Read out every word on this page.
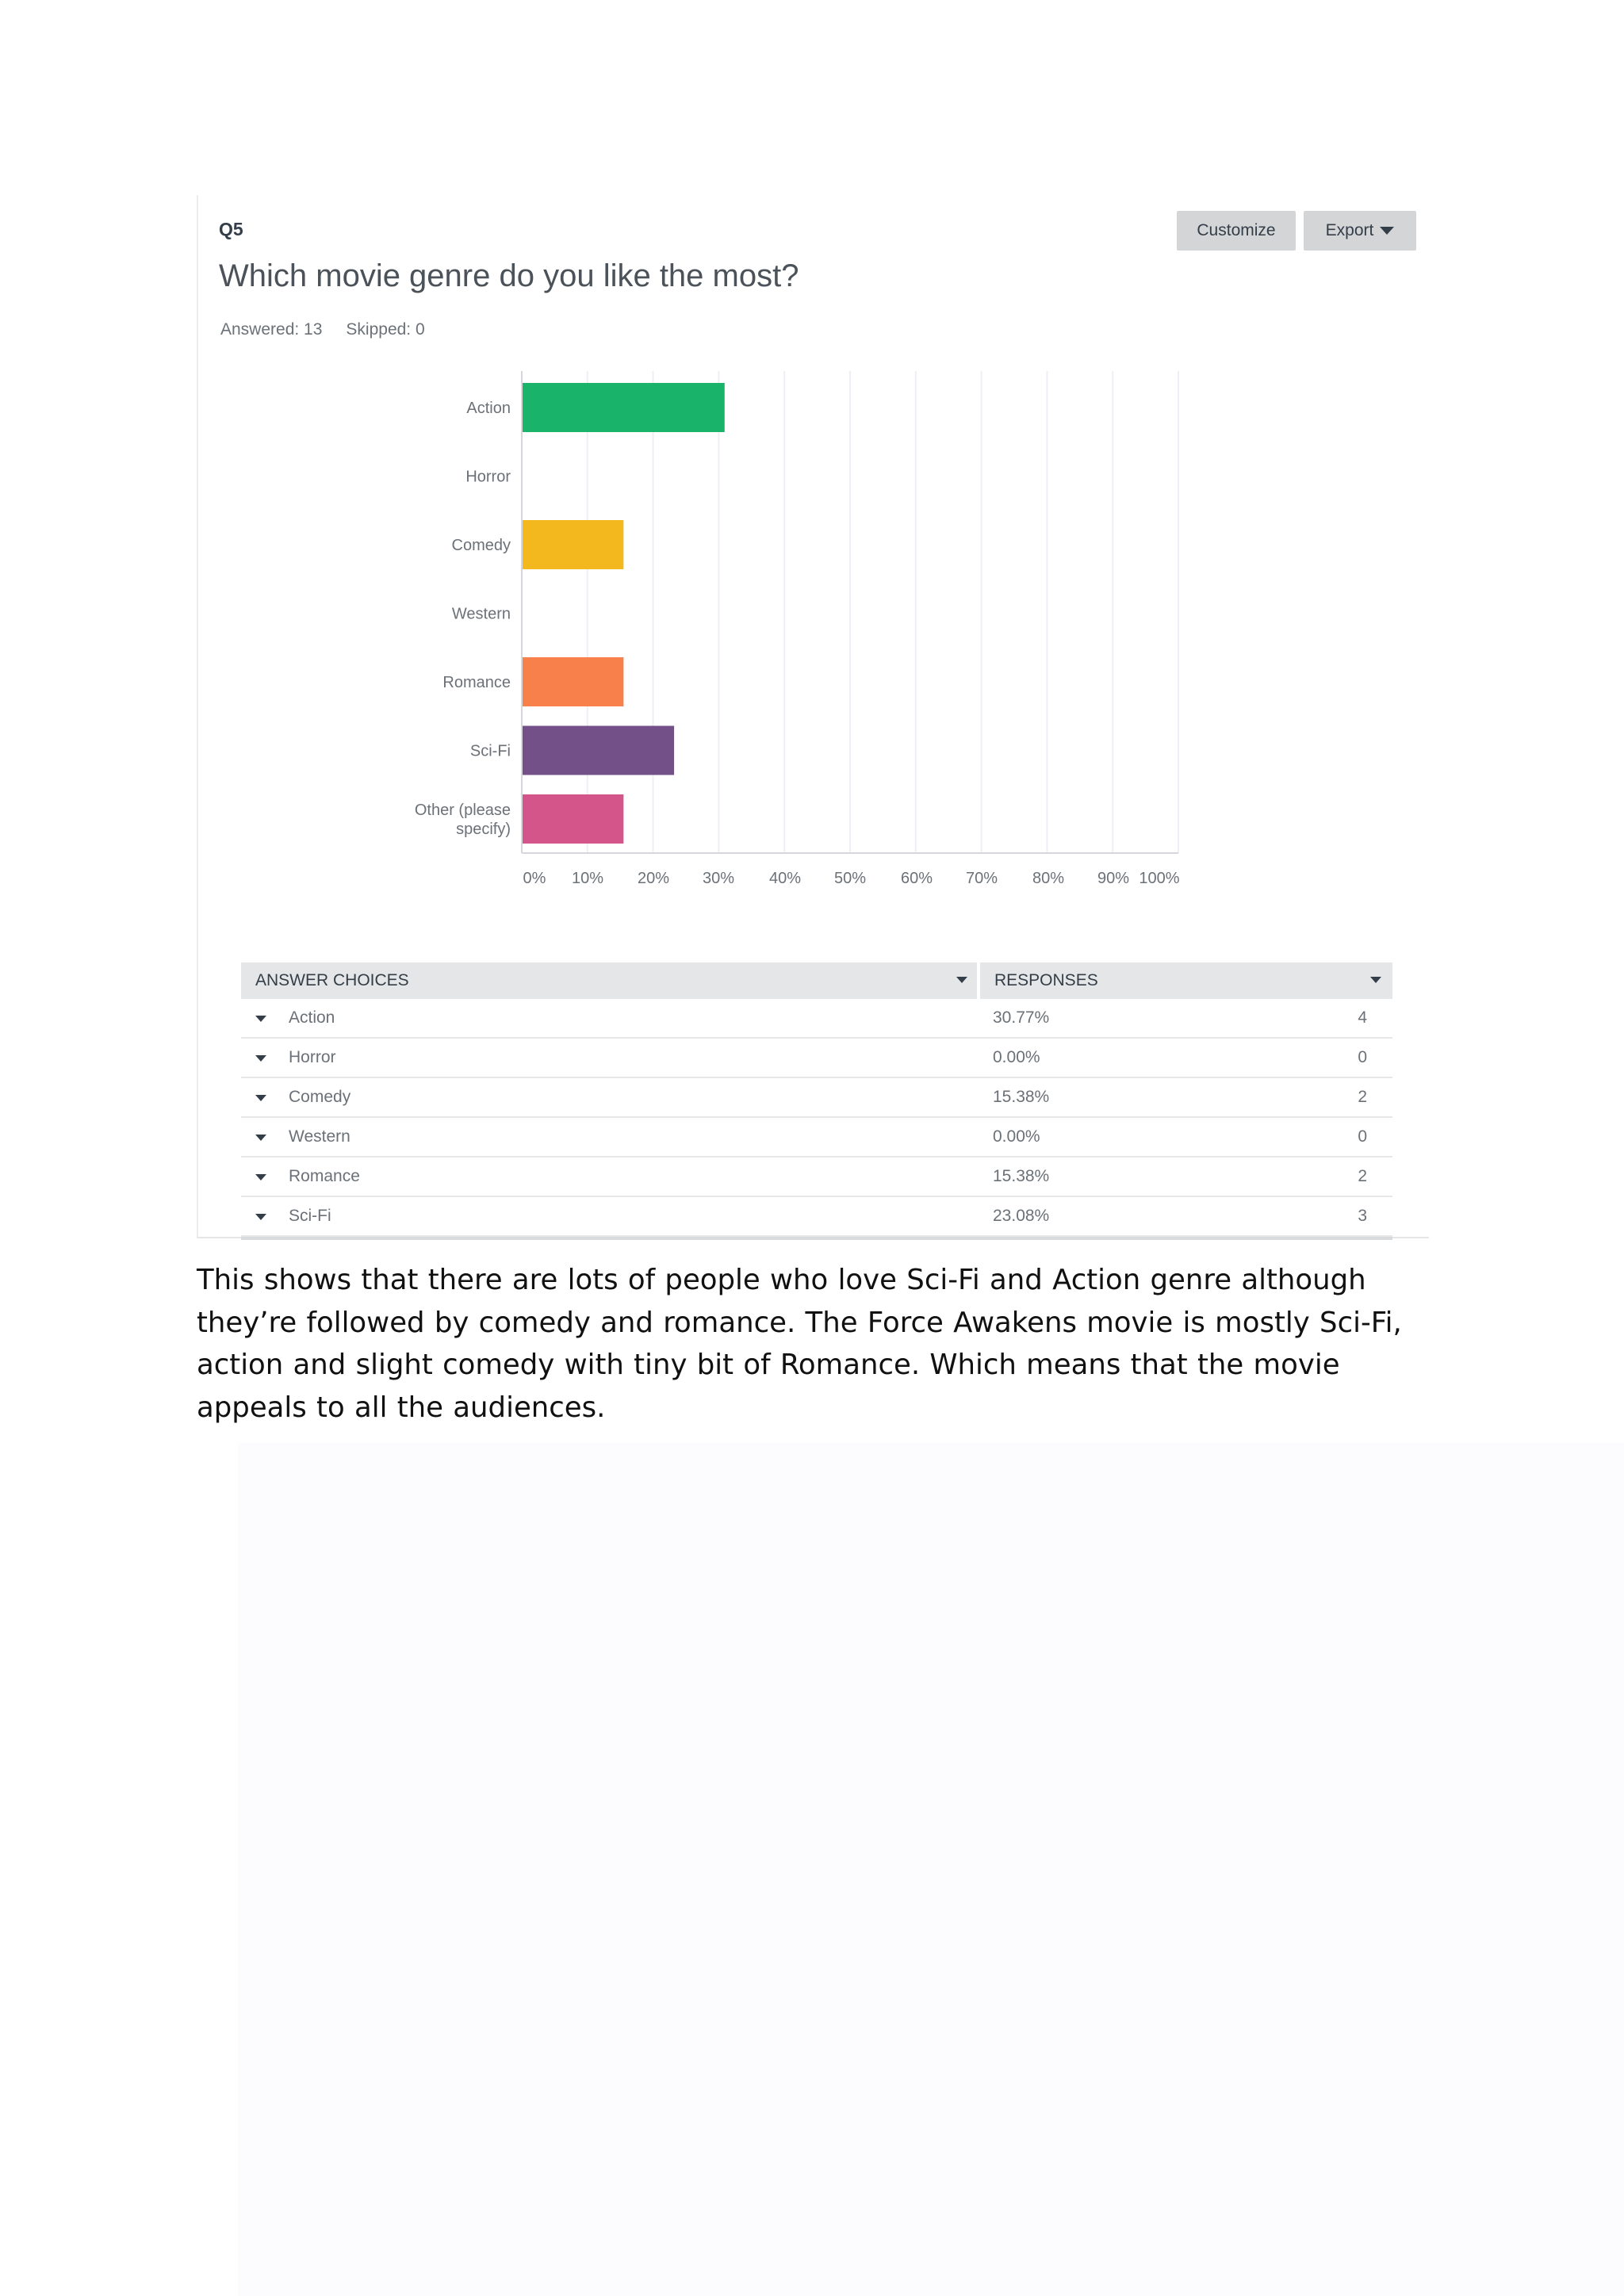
Q5
Which movie genre do you like the most?
Answered: 13 Skipped: 0
Customize	Export
Action
Horror
Comedy
Western
Romance
Sci-Fi
Other (please
specify)
0% 10% 20% 30% 40% 50% 60% 70% 80% 90% 100%
ANSWER CHOICES	RESPONSES
Action	30.77%	4
Horror	0.00%	0
Comedy	15.38%	2
Western	0.00%	0
Romance	15.38%	2
Sci-Fi	23.08%	3

This shows that there are lots of people who love Sci-Fi and Action genre although they’re followed by comedy and romance. The Force Awakens movie is mostly Sci-Fi, action and slight comedy with tiny bit of Romance. Which means that the movie appeals to all the audiences.
